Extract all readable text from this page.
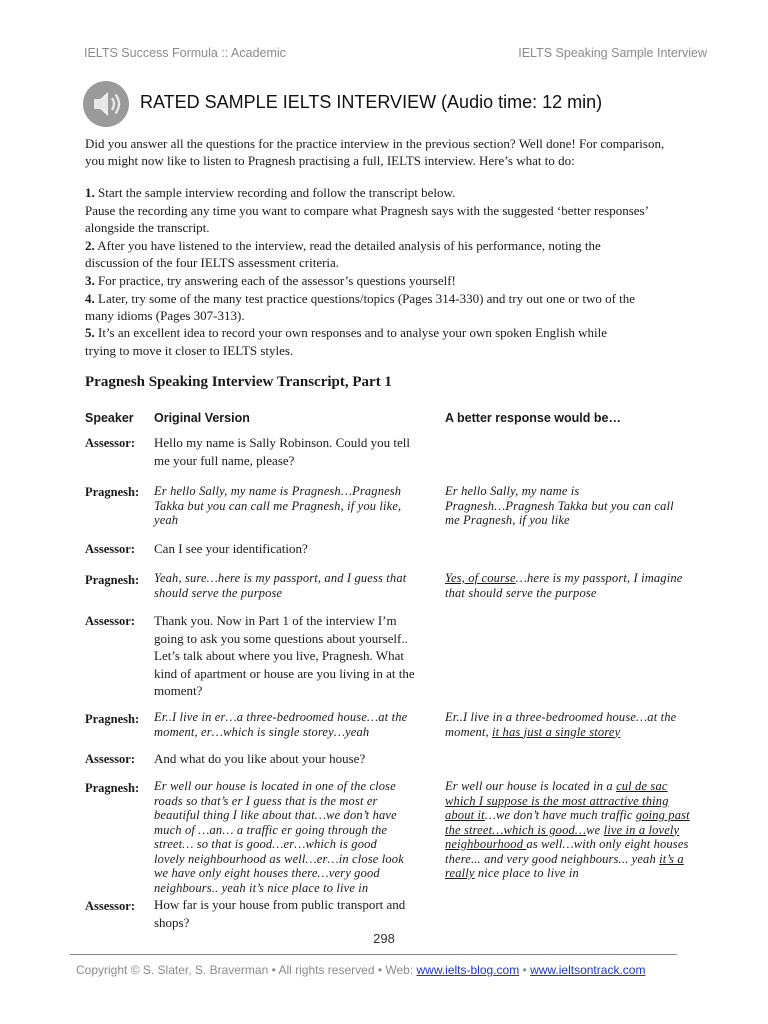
IELTS Success Formula :: Academic	IELTS Speaking Sample Interview
RATED SAMPLE IELTS INTERVIEW (Audio time: 12 min)
Did you answer all the questions for the practice interview in the previous section? Well done! For comparison,
you might now like to listen to Pragnesh practising a full, IELTS interview. Here’s what to do:
1. Start the sample interview recording and follow the transcript below.
Pause the recording any time you want to compare what Pragnesh says with the suggested ‘better responses’
alongside the transcript.
2. After you have listened to the interview, read the detailed analysis of his performance, noting the
discussion of the four IELTS assessment criteria.
3. For practice, try answering each of the assessor’s questions yourself!
4. Later, try some of the many test practice questions/topics (Pages 314-330) and try out one or two of the
many idioms (Pages 307-313).
5. It’s an excellent idea to record your own responses and to analyse your own spoken English while
trying to move it closer to IELTS styles.
Pragnesh Speaking Interview Transcript, Part 1
Speaker Original Version	A better response would be…
Assessor: Hello my name is Sally Robinson. Could you tell
me your full name, please?
Pragnesh: Er hello Sally, my name is Pragnesh…Pragnesh
Takka but you can call me Pragnesh, if you like,
yeah
Er hello Sally, my name is
Pragnesh…Pragnesh Takka but you can call
me Pragnesh, if you like
Assessor: Can I see your identification?
Pragnesh: Yeah, sure…here is my passport, and I guess that
should serve the purpose
Yes, of course…here is my passport, I imagine
that should serve the purpose
Assessor: Thank you. Now in Part 1 of the interview I’m
going to ask you some questions about yourself..
Let’s talk about where you live, Pragnesh. What
kind of apartment or house are you living in at the
moment?
Pragnesh: Er..I live in er…a three-bedroomed house…at the
moment, er…which is single storey…yeah
Er..I live in a three-bedroomed house…at the
moment, it has just a single storey
Assessor: And what do you like about your house?
Pragnesh: Er well our house is located in one of the close
roads so that’s er I guess that is the most er
beautiful thing I like about that…we don’t have
much of …an… a traffic er going through the
street… so that is good…er…which is good
lovely neighbourhood as well…er…in close look
we have only eight houses there…very good
neighbours.. yeah it’s nice place to live in
Er well our house is located in a cul de sac
which I suppose is the most attractive thing
about it…we don’t have much traffic going past
the street…which is good…we live in a lovely
neighbourhood as well…with only eight houses
there... and very good neighbours... yeah it’s a
really nice place to live in
Assessor: How far is your house from public transport and
shops?
298
Copyright © S. Slater, S. Braverman • All rights reserved • Web: www.ielts-blog.com • www.ieltsontrack.com
